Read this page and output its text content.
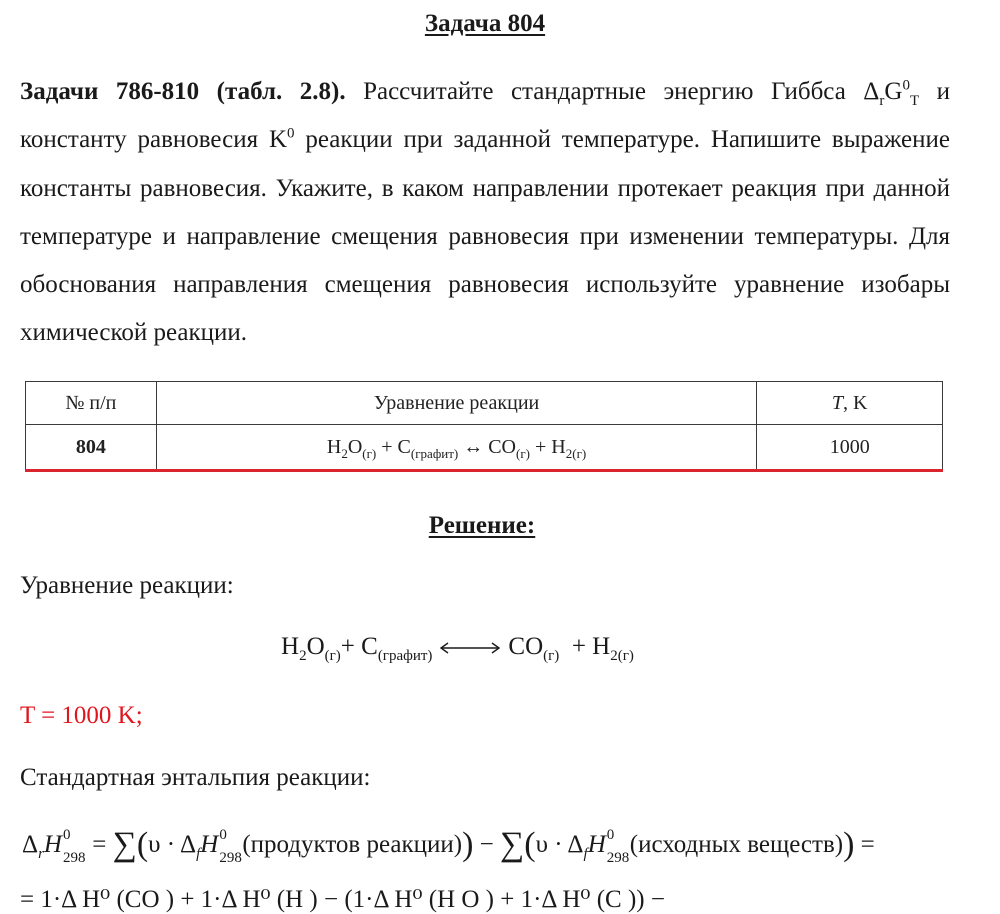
Задача 804
Задачи 786-810 (табл. 2.8). Рассчитайте стандартные энергию Гиббса $\Delta_rG^0_T$ и константу равновесия $K^0$ реакции при заданной температуре. Напишите выражение константы равновесия. Укажите, в каком направлении протекает реакция при данной температуре и направление смещения равновесия при изменении температуры. Для обоснования направления смещения равновесия используйте уравнение изобары химической реакции.
№ п/п	Уравнение реакции	T, K
804	$H_2O_{(г)} + C_{(графит)}$ ↔ $CO_{(г)} + H_{2(г)}$	1000
Решение:
Уравнение реакции:
$H_2O_{(г)}+ C_{(графит)}$	$CO_{(г)} + H_{2(г)}$
T = 1000 K;
Стандартная энтальпия реакции:
$\Delta_rH$ 0
$298 = \sum(\upsilon \cdot \Delta_fH$ 0
298 (продуктов реакции)) − $\sum(\upsilon \cdot \Delta_fH$ 0
298 (исходных веществ)) =
= 1·Δ H⁰ (CO ) + 1·Δ H⁰ (H ) − (1·Δ H⁰ (H O ) + 1·Δ H⁰ (C )) −
